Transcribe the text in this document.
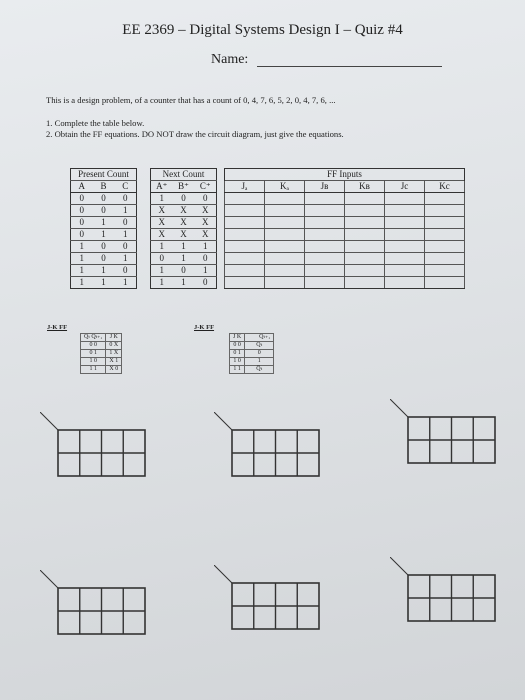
EE 2369 – Digital Systems Design I – Quiz #4
Name:
This is a design problem, of a counter that has a count of 0, 4, 7, 6, 5, 2, 0, 4, 7, 6, ...
1. Complete the table below.
2. Obtain the FF equations. DO NOT draw the circuit diagram, just give the equations.
Present Count				Next Count				FF Inputs					
A	B	C		A⁺	B⁺	C⁺		Jₐ	Kₐ	Jʙ	Kʙ	Jc	Kc
0	0	0		1	0	0							
0	0	1		X	X	X							
0	1	0		X	X	X							
0	1	1		X	X	X							
1	0	0		1	1	1							
1	0	1		0	1	0							
1	1	0		1	0	1							
1	1	1		1	1	0							
J-K FF
Qₜ Qₜ₊₁	J K
0 0	0 X
0 1	1 X
1 0	X 1
1 1	X 0
J-K FF
J K	Qₜ₊₁
0 0	Qₜ
0 1	0
1 0	1
1 1	Q̅ₜ
